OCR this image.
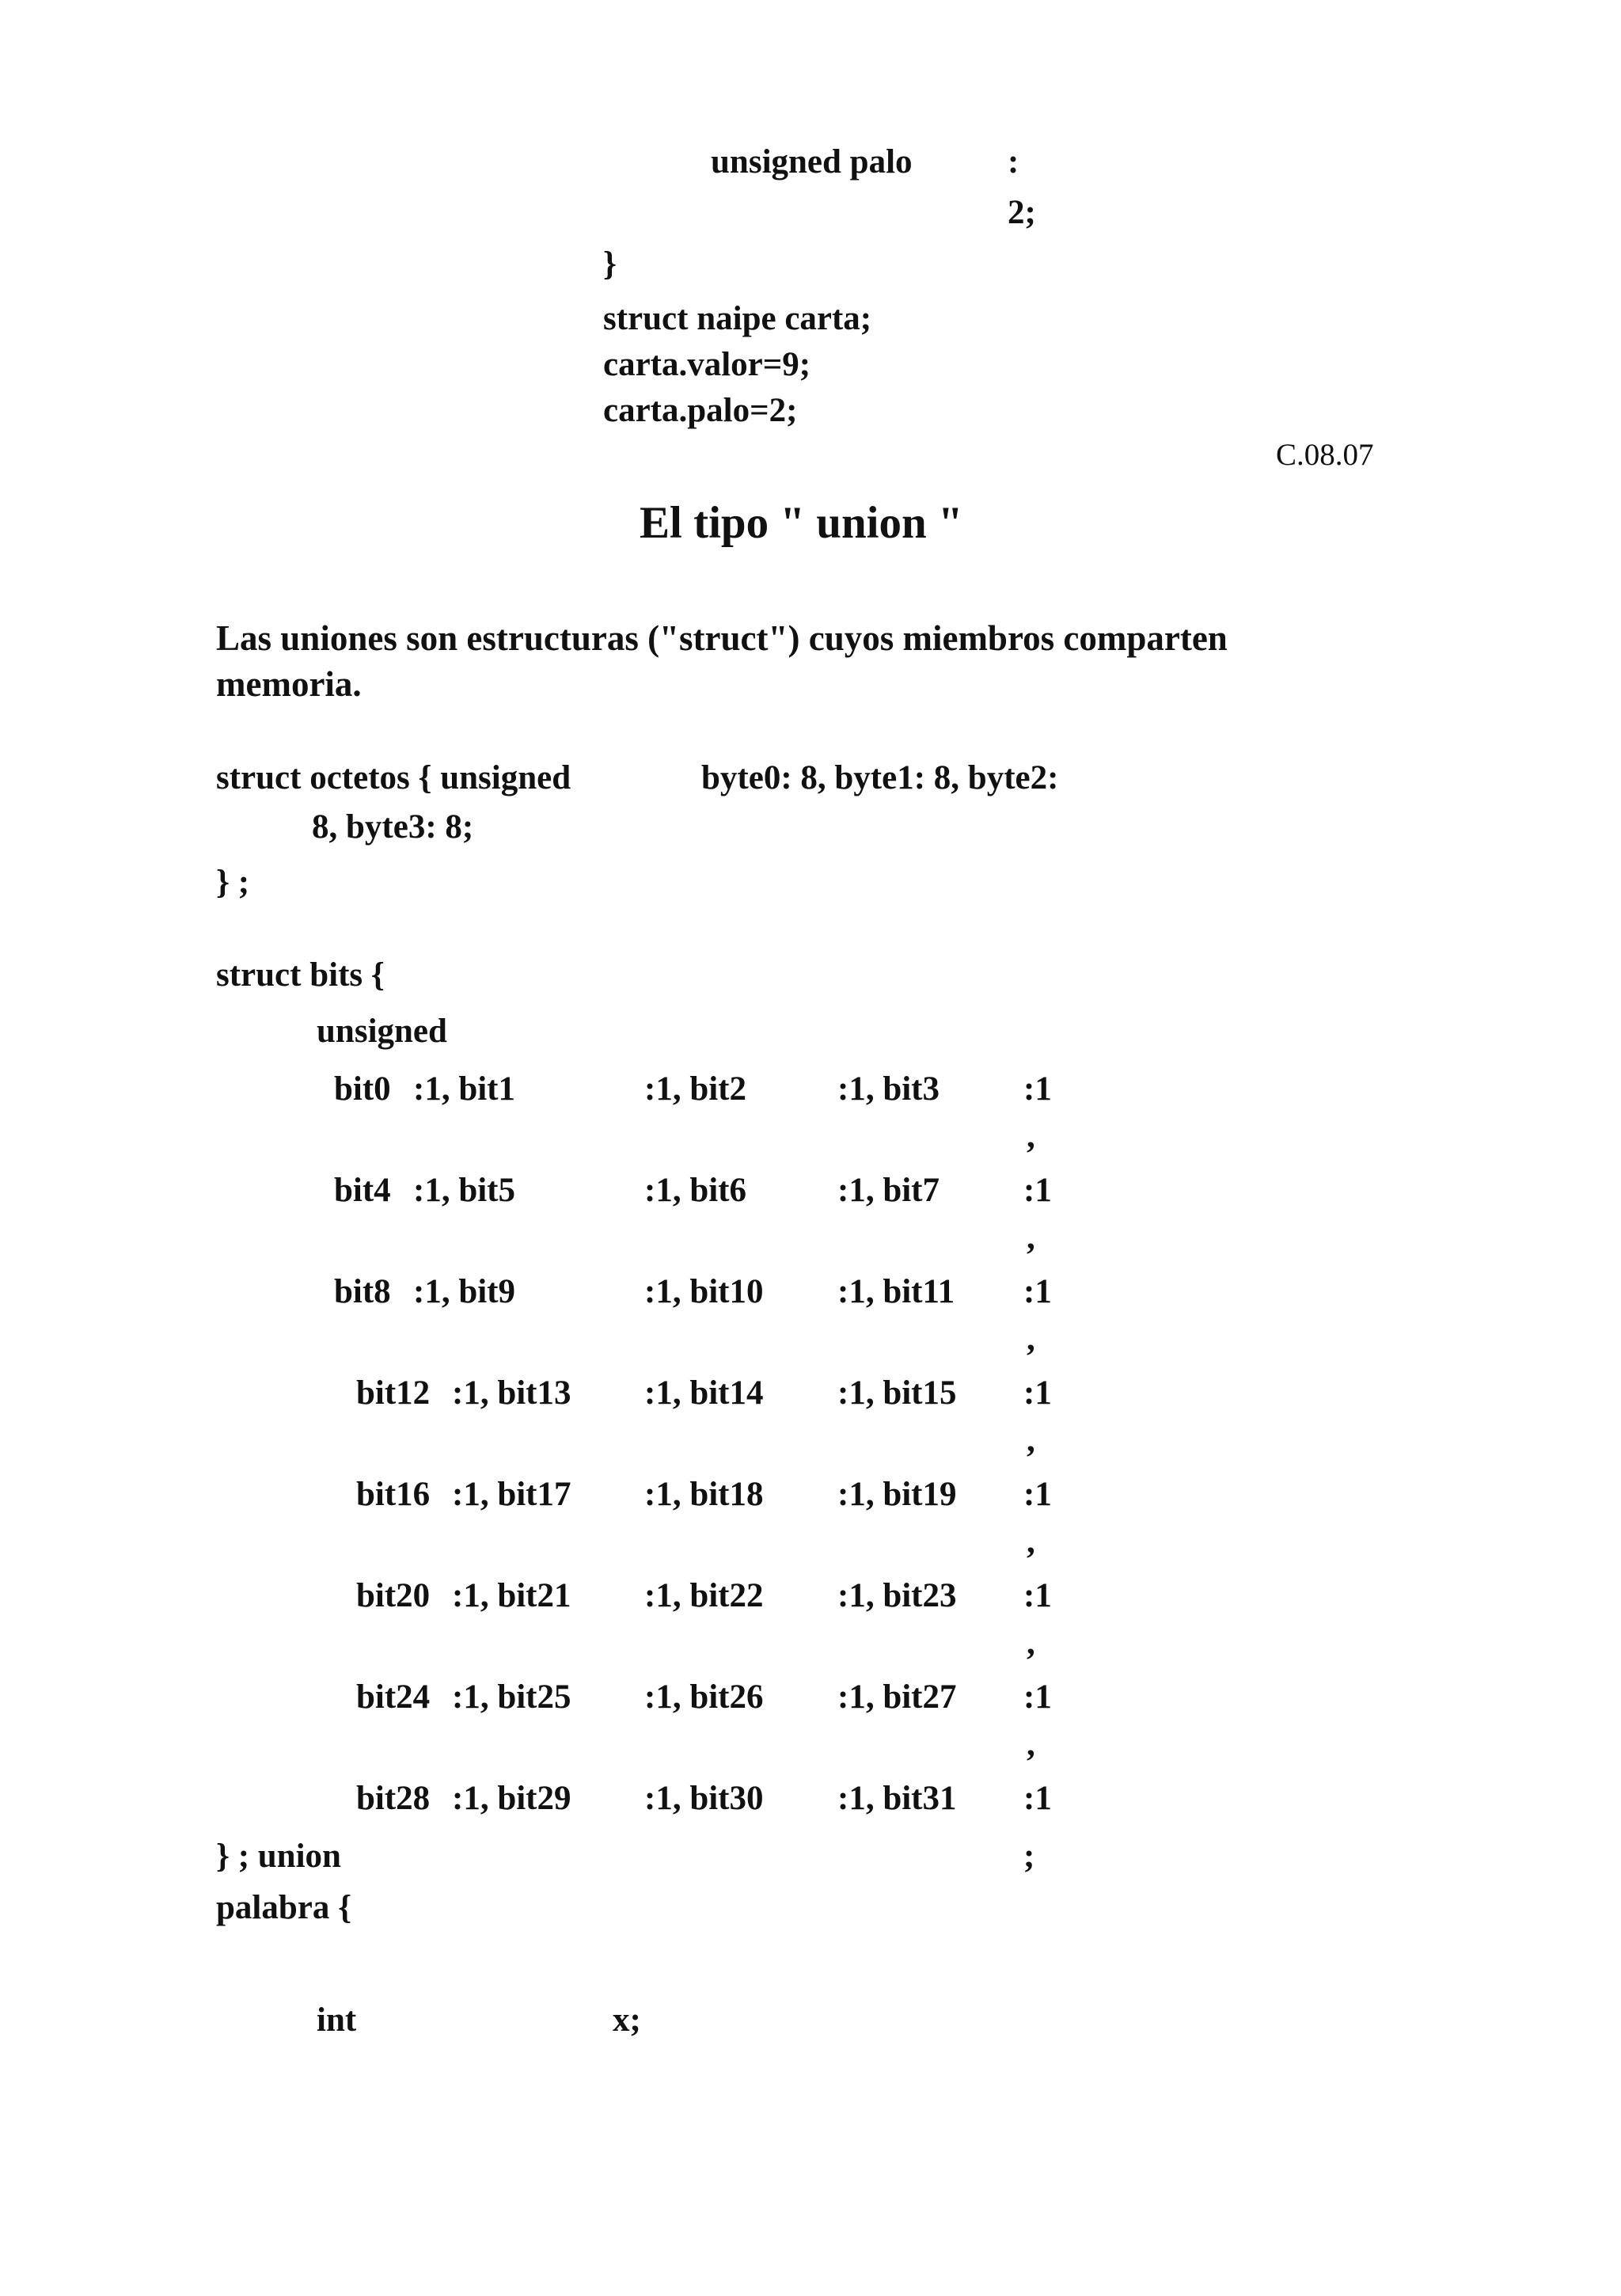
unsigned palo	:
2;
}
struct naipe carta;
carta.valor=9;
carta.palo=2;
C.08.07
El tipo " union "
Las uniones son estructuras ("struct") cuyos miembros comparten
memoria.
struct octetos { unsigned	byte0: 8, byte1: 8, byte2:
8, byte3: 8;
} ;
struct bits {
unsigned
bit0 :1, bit1	:1, bit2	:1, bit3 :1
,
bit4 :1, bit5	:1, bit6	:1, bit7 :1
,
bit8 :1, bit9	:1, bit10 :1, bit11 :1
,
bit12 :1, bit13 :1, bit14 :1, bit15 :1
,
bit16 :1, bit17 :1, bit18 :1, bit19 :1
,
bit20 :1, bit21 :1, bit22 :1, bit23 :1
,
bit24 :1, bit25 :1, bit26 :1, bit27 :1
,
bit28 :1, bit29 :1, bit30 :1, bit31 :1
} ; union	;
palabra {
int	x;
